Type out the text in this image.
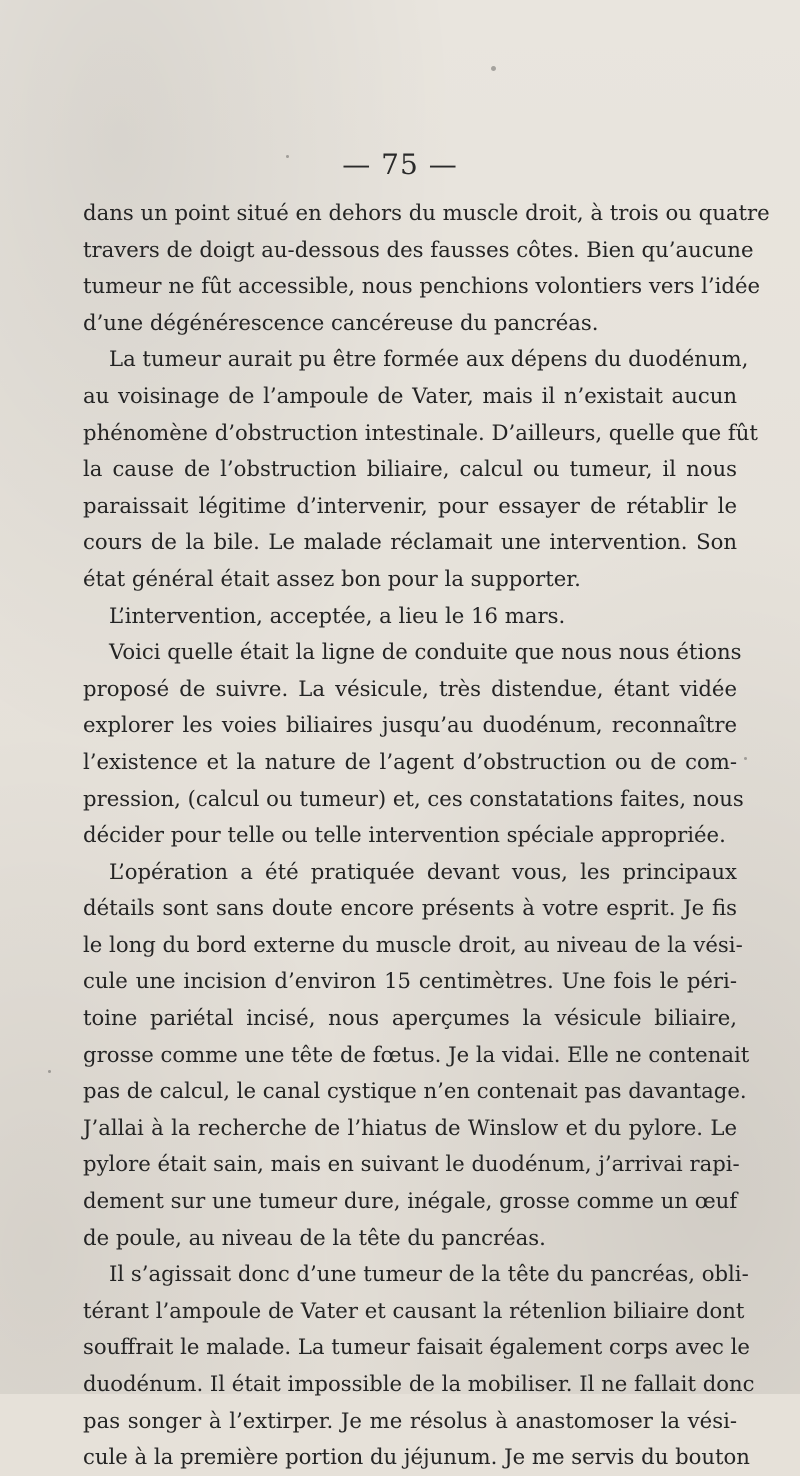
— 75 —
dans un point situé en dehors du muscle droit, à trois ou quatre
travers de doigt au-dessous des fausses côtes. Bien qu’aucune
tumeur ne fût accessible, nous penchions volontiers vers l’idée
d’une dégénérescence cancéreuse du pancréas.
La tumeur aurait pu être formée aux dépens du duodénum,
au voisinage de l’ampoule de Vater, mais il n’existait aucun
phénomène d’obstruction intestinale. D’ailleurs, quelle que fût
la cause de l’obstruction biliaire, calcul ou tumeur, il nous
paraissait légitime d’intervenir, pour essayer de rétablir le
cours de la bile. Le malade réclamait une intervention. Son
état général était assez bon pour la supporter.
L’intervention, acceptée, a lieu le 16 mars.
Voici quelle était la ligne de conduite que nous nous étions
proposé de suivre. La vésicule, très distendue, étant vidée
explorer les voies biliaires jusqu’au duodénum, reconnaître
l’existence et la nature de l’agent d’obstruction ou de com-
pression, (calcul ou tumeur) et, ces constatations faites, nous
décider pour telle ou telle intervention spéciale appropriée.
L’opération a été pratiquée devant vous, les principaux
détails sont sans doute encore présents à votre esprit. Je fis
le long du bord externe du muscle droit, au niveau de la vési-
cule une incision d’environ 15 centimètres. Une fois le péri-
toine pariétal incisé, nous aperçumes la vésicule biliaire,
grosse comme une tête de fœtus. Je la vidai. Elle ne contenait
pas de calcul, le canal cystique n’en contenait pas davantage.
J’allai à la recherche de l’hiatus de Winslow et du pylore. Le
pylore était sain, mais en suivant le duodénum, j’arrivai rapi-
dement sur une tumeur dure, inégale, grosse comme un œuf
de poule, au niveau de la tête du pancréas.
Il s’agissait donc d’une tumeur de la tête du pancréas, obli-
térant l’ampoule de Vater et causant la rétenlion biliaire dont
souffrait le malade. La tumeur faisait également corps avec le
duodénum. Il était impossible de la mobiliser. Il ne fallait donc
pas songer à l’extirper. Je me résolus à anastomoser la vési-
cule à la première portion du jéjunum. Je me servis du bouton
